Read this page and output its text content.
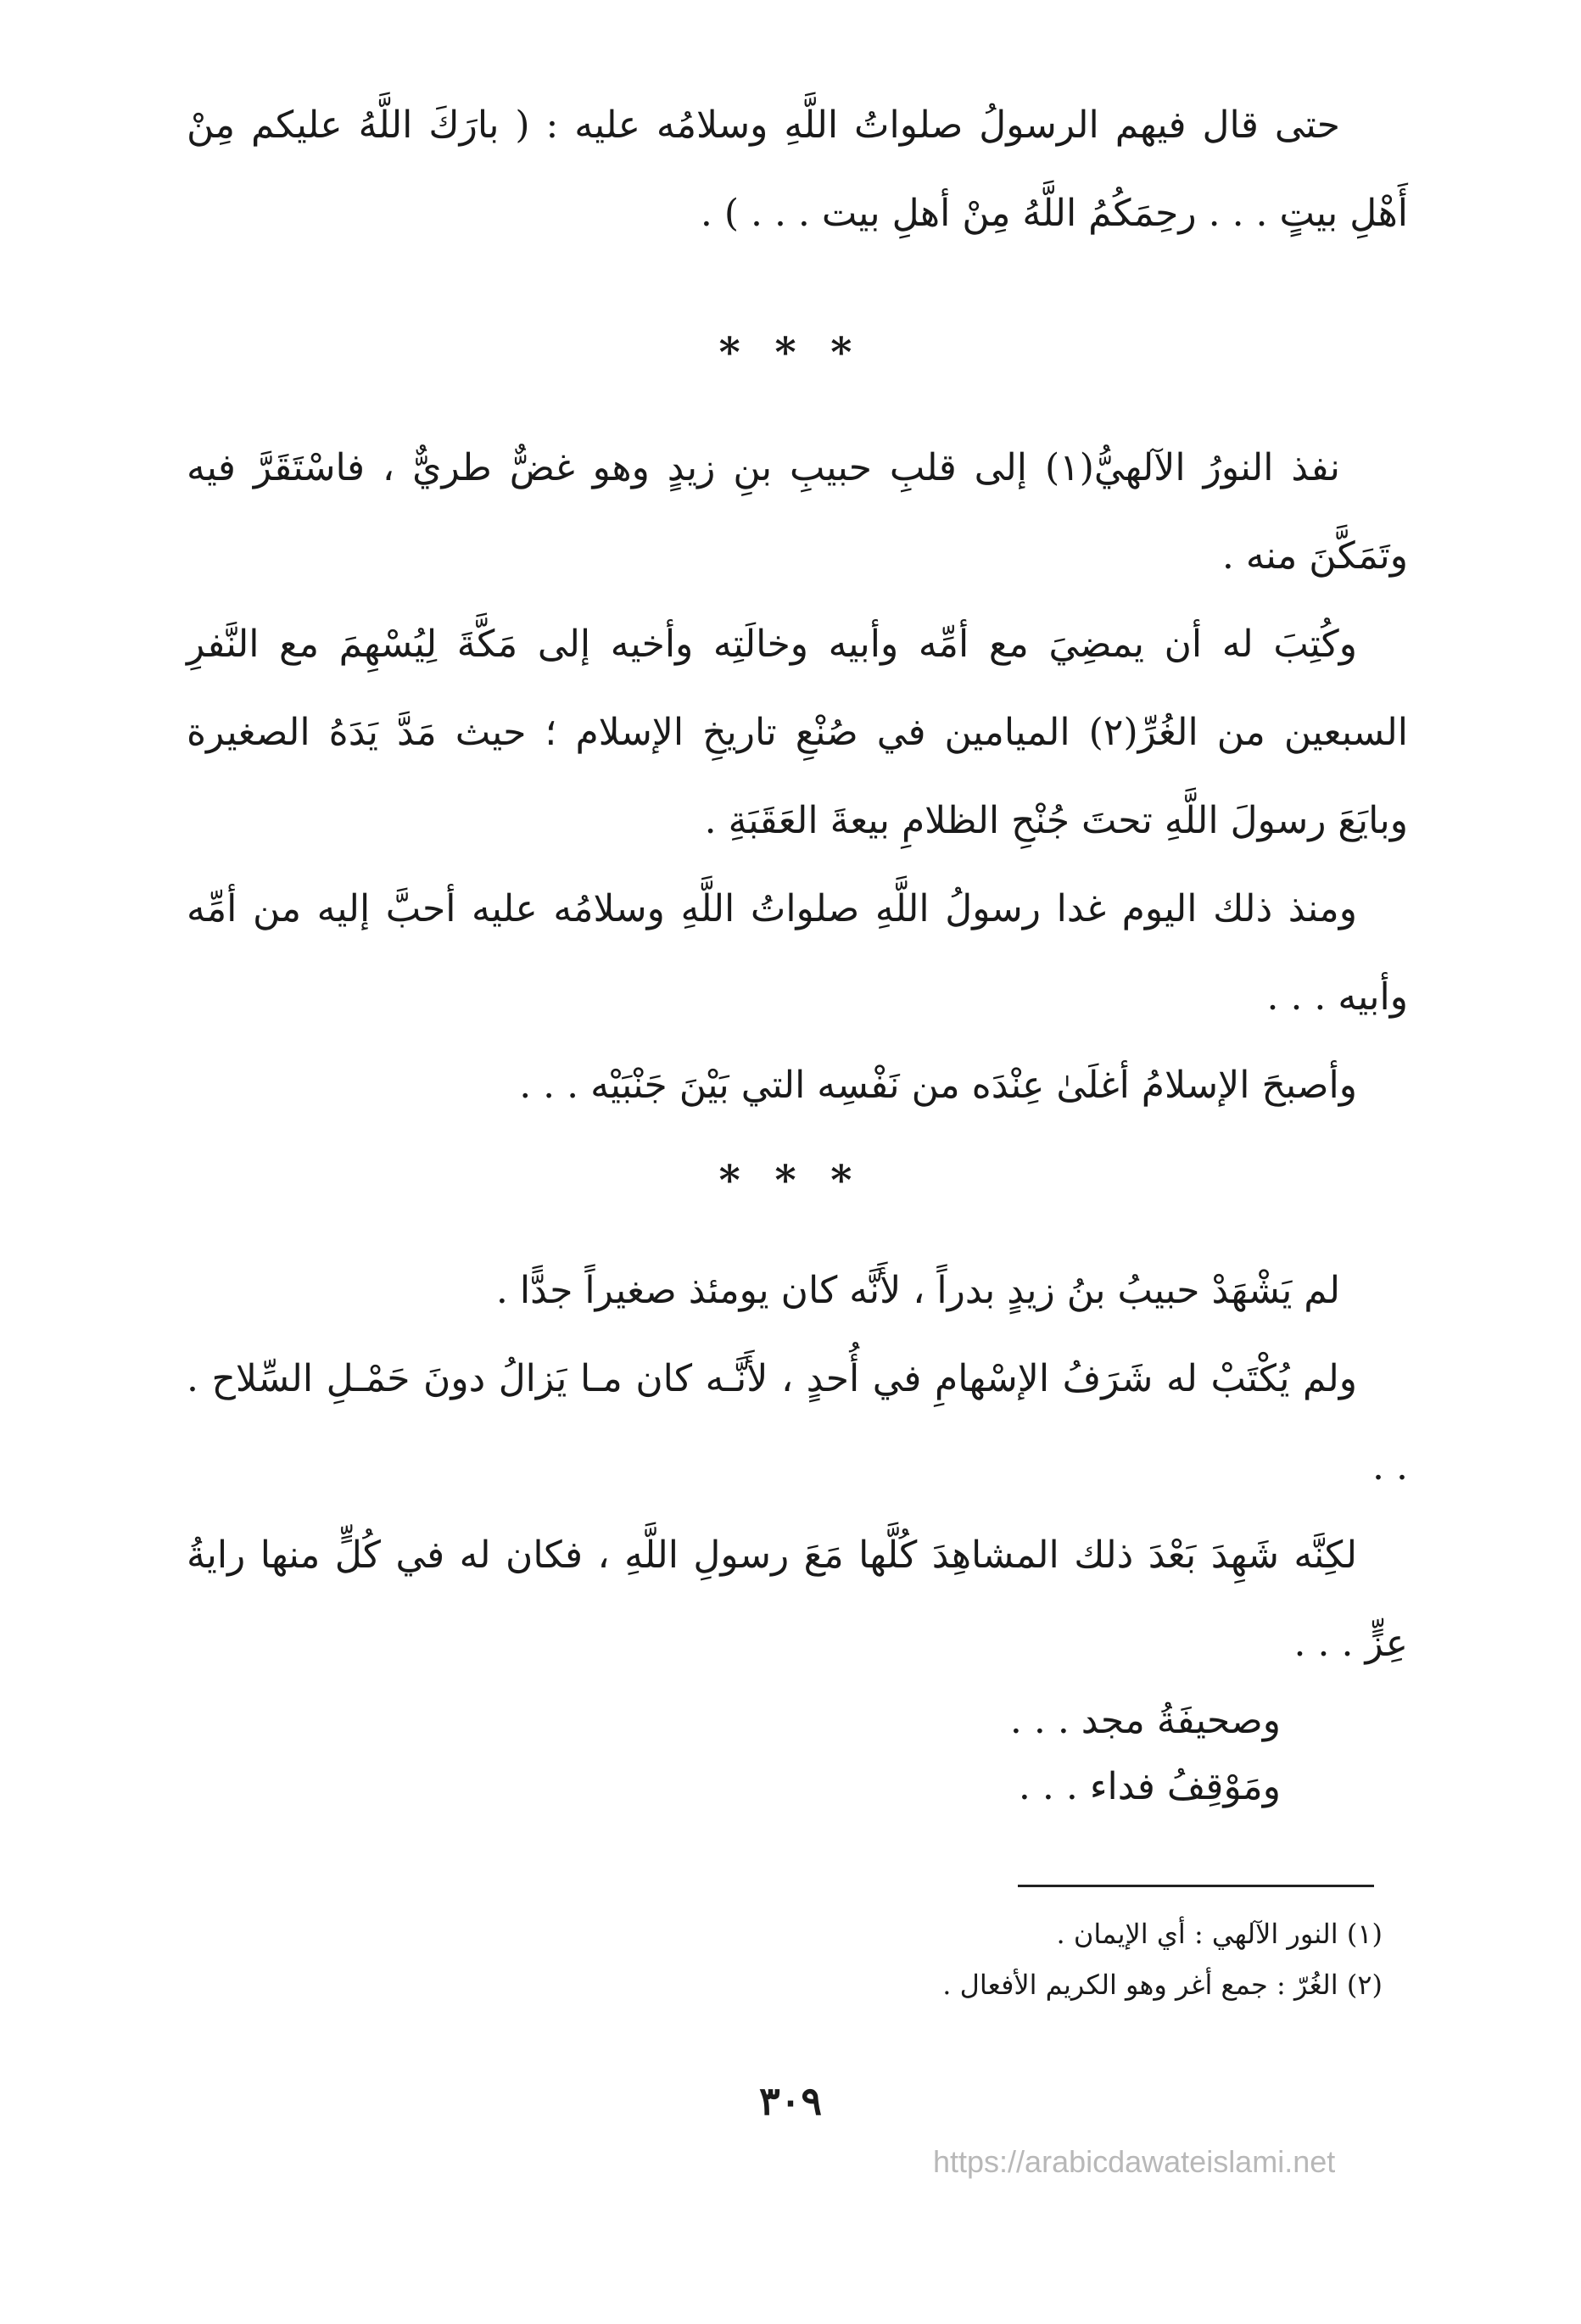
حتى قال فيهم الرسولُ صلواتُ اللَّهِ وسلامُه عليه : ( بارَكَ اللَّهُ عليكم مِنْ أَهْلِ بيتٍ . . . رحِمَكُمُ اللَّهُ مِنْ أهلِ بيت . . . ) .

* * *

نفذ النورُ الآلهيُّ(١) إلى قلبِ حبيبِ بنِ زيدٍ وهو غضٌّ طريٌّ ، فاسْتَقَرَّ فيه وتَمَكَّنَ منه .

وكُتِبَ له أن يمضِيَ مع أمِّه وأبيه وخالَتِه وأخيه إلى مَكَّةَ لِيُسْهِمَ مع النَّفرِ السبعين من الغُرِّ(٢) الميامين في صُنْعِ تاريخِ الإسلام ؛ حيث مَدَّ يَدَهُ الصغيرة وبايَعَ رسولَ اللَّهِ تحتَ جُنْحِ الظلامِ بيعةَ العَقَبَةِ .

ومنذ ذلك اليوم غدا رسولُ اللَّهِ صلواتُ اللَّهِ وسلامُه عليه أحبَّ إليه من أمِّه وأبيه . . .

وأصبحَ الإسلامُ أغلَىٰ عِنْدَه من نَفْسِه التي بَيْنَ جَنْبَيْه . . .

* * *

لم يَشْهَدْ حبيبُ بنُ زيدٍ بدراً ، لأَنَّه كان يومئذ صغيراً جدًّا .

ولم يُكْتَبْ له شَرَفُ الإسْهامِ في أُحدٍ ، لأَنَّـه كان مـا يَزالُ دونَ حَمْـلِ السِّلاح . . .

لكِنَّه شَهِدَ بَعْدَ ذلك المشاهِدَ كُلَّها مَعَ رسولِ اللَّهِ ، فكان له في كُلٍّ منها رايةُ عِزٍّ . . .

وصحيفَةُ مجد . . .

ومَوْقِفُ فداء . . .

(١) النور الآلهي : أي الإيمان .

(٢) الغُرّ : جمع أغر وهو الكريم الأفعال .

٣٠٩
https://arabicdawateislami.net
